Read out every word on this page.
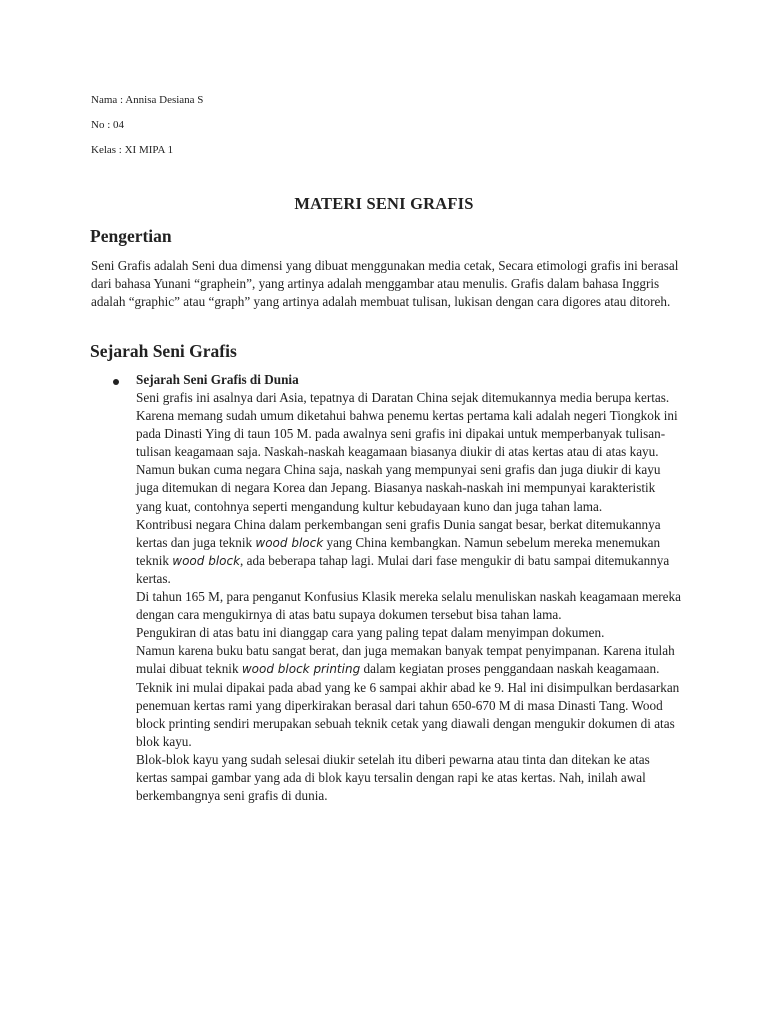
Nama : Annisa Desiana S
No : 04
Kelas : XI MIPA 1
MATERI SENI GRAFIS
Pengertian

Seni Grafis adalah Seni dua dimensi yang dibuat menggunakan media cetak, Secara etimologi grafis ini berasal dari bahasa Yunani “graphein”, yang artinya adalah menggambar atau menulis. Grafis dalam bahasa Inggris adalah “graphic” atau “graph” yang artinya adalah membuat tulisan, lukisan dengan cara digores atau ditoreh.

Sejarah Seni Grafis
Sejarah Seni Grafis di Dunia

Seni grafis ini asalnya dari Asia, tepatnya di Daratan China sejak ditemukannya media berupa kertas. Karena memang sudah umum diketahui bahwa penemu kertas pertama kali adalah negeri Tiongkok ini pada Dinasti Ying di taun 105 M. pada awalnya seni grafis ini dipakai untuk memperbanyak tulisan-tulisan keagamaan saja. Naskah-naskah keagamaan biasanya diukir di atas kertas atau di atas kayu. Namun bukan cuma negara China saja, naskah yang mempunyai seni grafis dan juga diukir di kayu juga ditemukan di negara Korea dan Jepang. Biasanya naskah-naskah ini mempunyai karakteristik yang kuat, contohnya seperti mengandung kultur kebudayaan kuno dan juga tahan lama.

Kontribusi negara China dalam perkembangan seni grafis Dunia sangat besar, berkat ditemukannya kertas dan juga teknik wood block yang China kembangkan. Namun sebelum mereka menemukan teknik wood block, ada beberapa tahap lagi. Mulai dari fase mengukir di batu sampai ditemukannya kertas.

Di tahun 165 M, para penganut Konfusius Klasik mereka selalu menuliskan naskah keagamaan mereka dengan cara mengukirnya di atas batu supaya dokumen tersebut bisa tahan lama.

Pengukiran di atas batu ini dianggap cara yang paling tepat dalam menyimpan dokumen.

Namun karena buku batu sangat berat, dan juga memakan banyak tempat penyimpanan. Karena itulah mulai dibuat teknik wood block printing dalam kegiatan proses penggandaan naskah keagamaan.

Teknik ini mulai dipakai pada abad yang ke 6 sampai akhir abad ke 9. Hal ini disimpulkan berdasarkan penemuan kertas rami yang diperkirakan berasal dari tahun 650-670 M di masa Dinasti Tang. Wood block printing sendiri merupakan sebuah teknik cetak yang diawali dengan mengukir dokumen di atas blok kayu.

Blok-blok kayu yang sudah selesai diukir setelah itu diberi pewarna atau tinta dan ditekan ke atas kertas sampai gambar yang ada di blok kayu tersalin dengan rapi ke atas kertas. Nah, inilah awal berkembangnya seni grafis di dunia.
